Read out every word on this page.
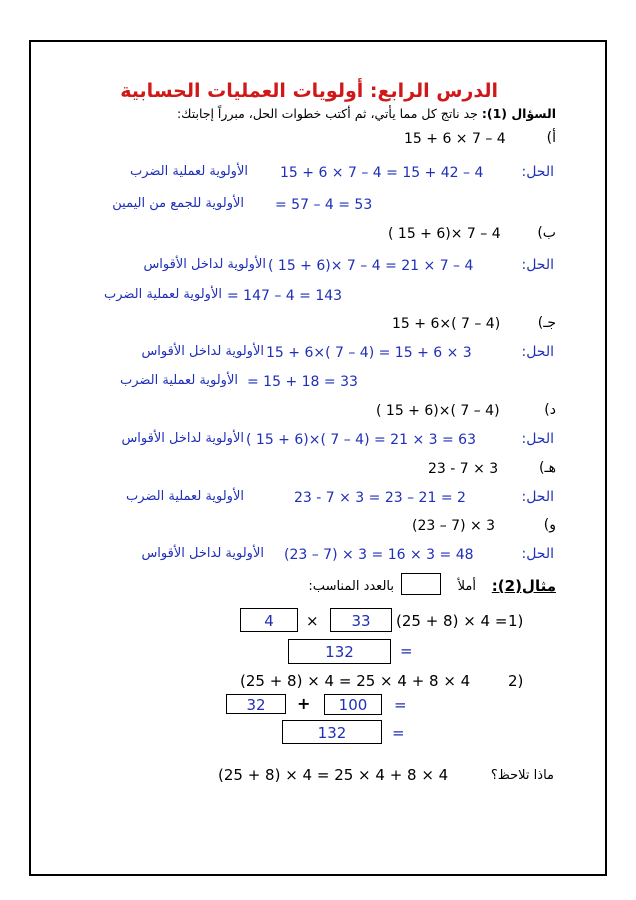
الدرس الرابع: أولويات العمليات الحسابية
السؤال (1): جد ناتج كل مما يأتي، ثم أكتب خطوات الحل، مبرراً إجابتك:
أ)
15 + 6 × 7 – 4
الحل:
15 + 6 × 7 – 4 = 15 + 42 – 4
الأولوية لعملية الضرب
= 57 – 4 = 53
الأولوية للجمع من اليمين
ب)
( 15 + 6)× 7 – 4
الحل:
( 15 + 6)× 7 – 4 = 21 × 7 – 4
الأولوية لداخل الأقواس
= 147 – 4 = 143
الأولوية لعملية الضرب
جـ)
15 + 6×( 7 – 4)
الحل:
15 + 6×( 7 – 4) = 15 + 6 × 3
الأولوية لداخل الأقواس
= 15 + 18 = 33
الأولوية لعملية الضرب
د)
( 15 + 6)×( 7 – 4)
الحل:
( 15 + 6)×( 7 – 4) = 21 × 3 = 63
الأولوية لداخل الأقواس
هـ)
23 - 7 × 3
الحل:
23 - 7 × 3 = 23 – 21 = 2
الأولوية لعملية الضرب
و)
(23 – 7) × 3
الحل:
(23 – 7) × 3 = 16 × 3 = 48
الأولوية لداخل الأقواس
مثال(2):
أملأ
بالعدد المناسب:
1)
(25 + 8) × 4 =
33
×
4
=
132
2)
(25 + 8) × 4 = 25 × 4 + 8 × 4
100
+
32	=
132	=
ماذا تلاحظ؟
(25 + 8) × 4 = 25 × 4 + 8 × 4
